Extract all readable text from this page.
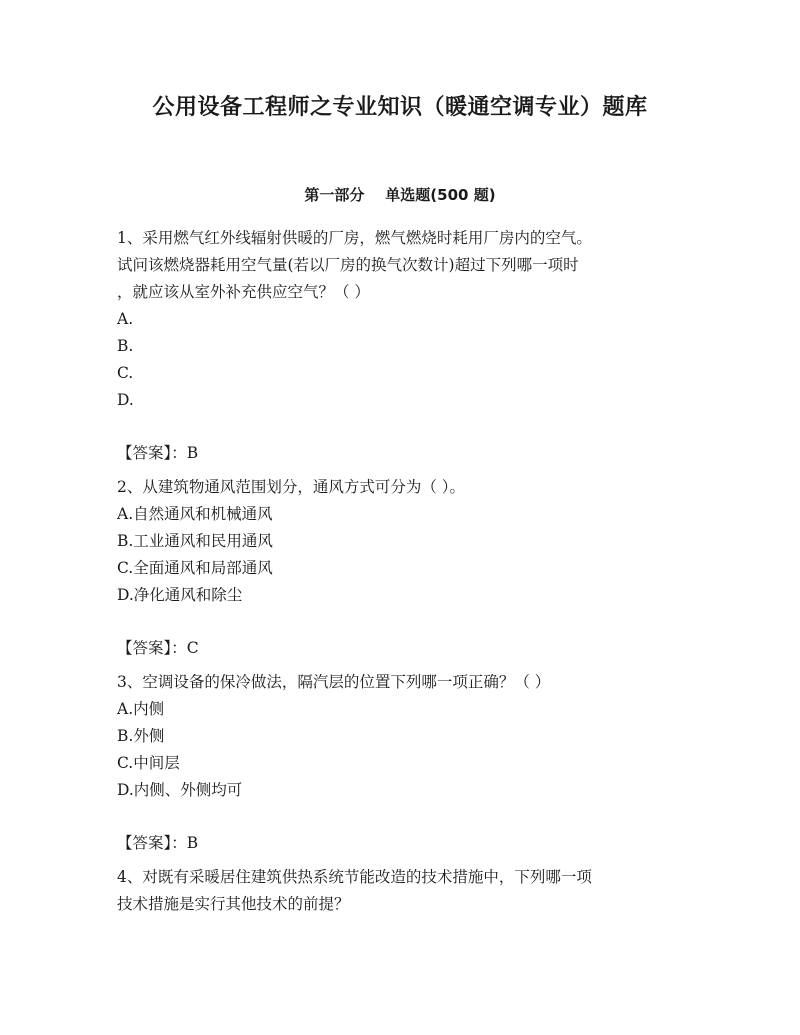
公用设备工程师之专业知识（暖通空调专业）题库
第一部分    单选题(500 题)
1、采用燃气红外线辐射供暖的厂房，燃气燃烧时耗用厂房内的空气。
试问该燃烧器耗用空气量(若以厂房的换气次数计)超过下列哪一项时
，就应该从室外补充供应空气？（ ）
A.
B.
C.
D.
【答案】：B
2、从建筑物通风范围划分，通风方式可分为（ ）。
A.自然通风和机械通风
B.工业通风和民用通风
C.全面通风和局部通风
D.净化通风和除尘
【答案】：C
3、空调设备的保冷做法，隔汽层的位置下列哪一项正确？（ ）
A.内侧
B.外侧
C.中间层
D.内侧、外侧均可
【答案】：B
4、对既有采暖居住建筑供热系统节能改造的技术措施中，下列哪一项
技术措施是实行其他技术的前提？
